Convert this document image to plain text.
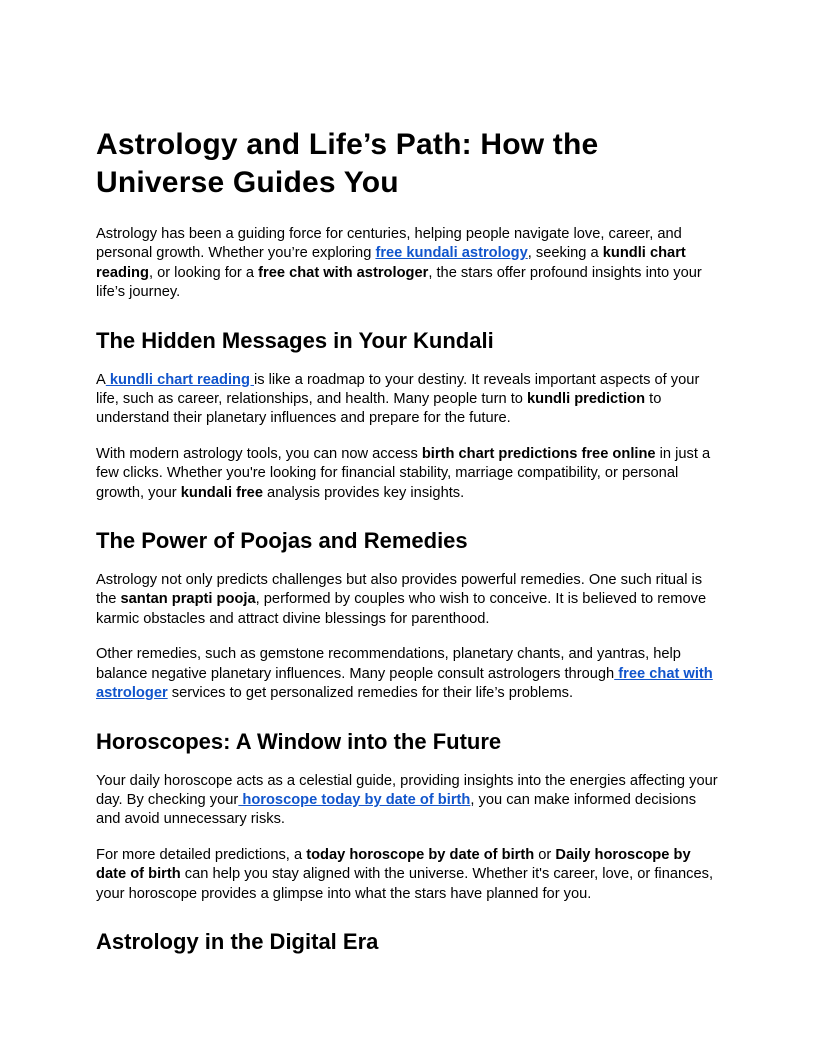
Astrology and Life’s Path: How the Universe Guides You

Astrology has been a guiding force for centuries, helping people navigate love, career, and personal growth. Whether you’re exploring free kundali astrology, seeking a kundli chart reading, or looking for a free chat with astrologer, the stars offer profound insights into your life’s journey.

The Hidden Messages in Your Kundali

A kundli chart reading is like a roadmap to your destiny. It reveals important aspects of your life, such as career, relationships, and health. Many people turn to kundli prediction to understand their planetary influences and prepare for the future.

With modern astrology tools, you can now access birth chart predictions free online in just a few clicks. Whether you're looking for financial stability, marriage compatibility, or personal growth, your kundali free analysis provides key insights.

The Power of Poojas and Remedies

Astrology not only predicts challenges but also provides powerful remedies. One such ritual is the santan prapti pooja, performed by couples who wish to conceive. It is believed to remove karmic obstacles and attract divine blessings for parenthood.

Other remedies, such as gemstone recommendations, planetary chants, and yantras, help balance negative planetary influences. Many people consult astrologers through free chat with astrologer services to get personalized remedies for their life’s problems.

Horoscopes: A Window into the Future

Your daily horoscope acts as a celestial guide, providing insights into the energies affecting your day. By checking your horoscope today by date of birth, you can make informed decisions and avoid unnecessary risks.

For more detailed predictions, a today horoscope by date of birth or Daily horoscope by date of birth can help you stay aligned with the universe. Whether it's career, love, or finances, your horoscope provides a glimpse into what the stars have planned for you.

Astrology in the Digital Era
